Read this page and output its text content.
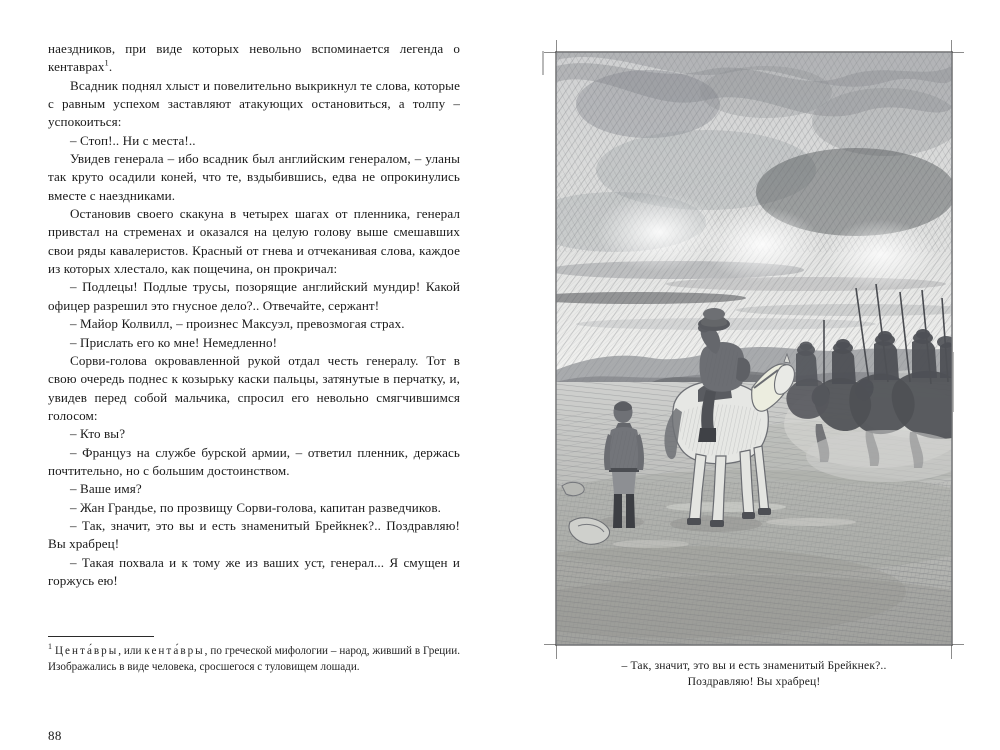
наездников, при виде которых невольно вспоминается легенда о кентаврах$^1$.

Всадник поднял хлыст и повелительно выкрикнул те слова, которые с равным успехом заставляют атакующих остановиться, а толпу – успокоиться:

– Стоп!.. Ни с места!..

Увидев генерала – ибо всадник был английским генералом, – уланы так круто осадили коней, что те, вздыбившись, едва не опрокинулись вместе с наездниками.

Остановив своего скакуна в четырех шагах от пленника, генерал привстал на стременах и оказался на целую голову выше смешавших свои ряды кавалеристов. Красный от гнева и отчеканивая слова, каждое из которых хлестало, как пощечина, он прокричал:

– Подлецы! Подлые трусы, позорящие английский мундир! Какой офицер разрешил это гнусное дело?.. Отвечайте, сержант!

– Майор Колвилл, – произнес Максуэл, превозмогая страх.

– Прислать его ко мне! Немедленно!

Сорви-голова окровавленной рукой отдал честь генералу. Тот в свою очередь поднес к козырьку каски пальцы, затянутые в перчатку, и, увидев перед собой мальчика, спросил его невольно смягчившимся голосом:

– Кто вы?

– Француз на службе бурской армии, – ответил пленник, держась почтительно, но с большим достоинством.

– Ваше имя?

– Жан Грандье, по прозвищу Сорви-голова, капитан разведчиков.

– Так, значит, это вы и есть знаменитый Брейкнек?.. Поздравляю! Вы храбрец!

– Такая похвала и к тому же из ваших уст, генерал... Я смущен и горжусь ею!

$^1$ Цента́вры, или кента́вры, по греческой мифологии – народ, живший в Греции. Изображались в виде человека, сросшегося с туловищем лошади.
88
– Так, значит, это вы и есть знаменитый Брейкнек?..
Поздравляю! Вы храбрец!
